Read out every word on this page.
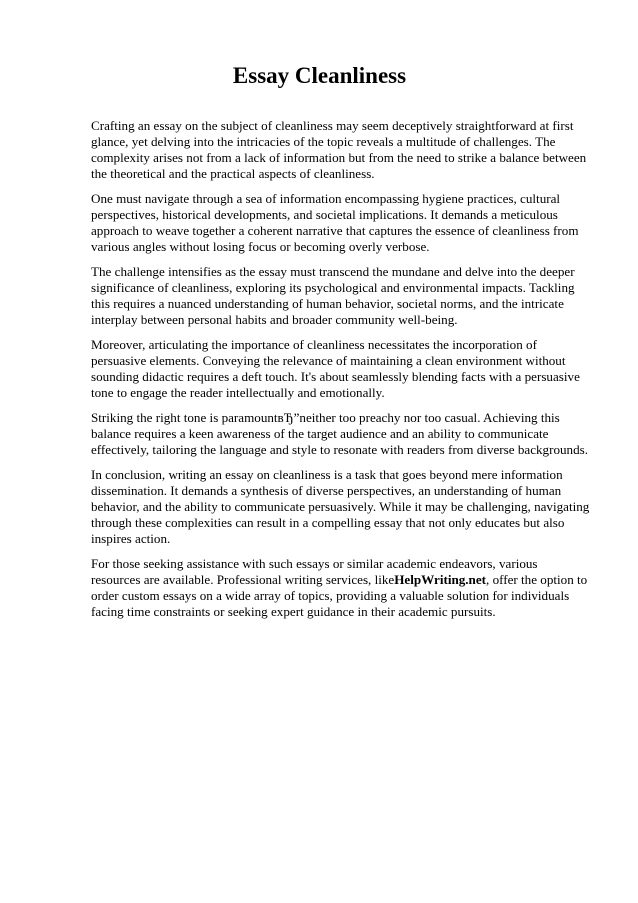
Essay Cleanliness

Crafting an essay on the subject of cleanliness may seem deceptively straightforward at first glance, yet delving into the intricacies of the topic reveals a multitude of challenges. The complexity arises not from a lack of information but from the need to strike a balance between the theoretical and the practical aspects of cleanliness.

One must navigate through a sea of information encompassing hygiene practices, cultural perspectives, historical developments, and societal implications. It demands a meticulous approach to weave together a coherent narrative that captures the essence of cleanliness from various angles without losing focus or becoming overly verbose.

The challenge intensifies as the essay must transcend the mundane and delve into the deeper significance of cleanliness, exploring its psychological and environmental impacts. Tackling this requires a nuanced understanding of human behavior, societal norms, and the intricate interplay between personal habits and broader community well-being.

Moreover, articulating the importance of cleanliness necessitates the incorporation of persuasive elements. Conveying the relevance of maintaining a clean environment without sounding didactic requires a deft touch. It's about seamlessly blending facts with a persuasive tone to engage the reader intellectually and emotionally.

Striking the right tone is paramountвЂ”neither too preachy nor too casual. Achieving this balance requires a keen awareness of the target audience and an ability to communicate effectively, tailoring the language and style to resonate with readers from diverse backgrounds.

In conclusion, writing an essay on cleanliness is a task that goes beyond mere information dissemination. It demands a synthesis of diverse perspectives, an understanding of human behavior, and the ability to communicate persuasively. While it may be challenging, navigating through these complexities can result in a compelling essay that not only educates but also inspires action.

For those seeking assistance with such essays or similar academic endeavors, various resources are available. Professional writing services, likeHelpWriting.net, offer the option to order custom essays on a wide array of topics, providing a valuable solution for individuals facing time constraints or seeking expert guidance in their academic pursuits.
